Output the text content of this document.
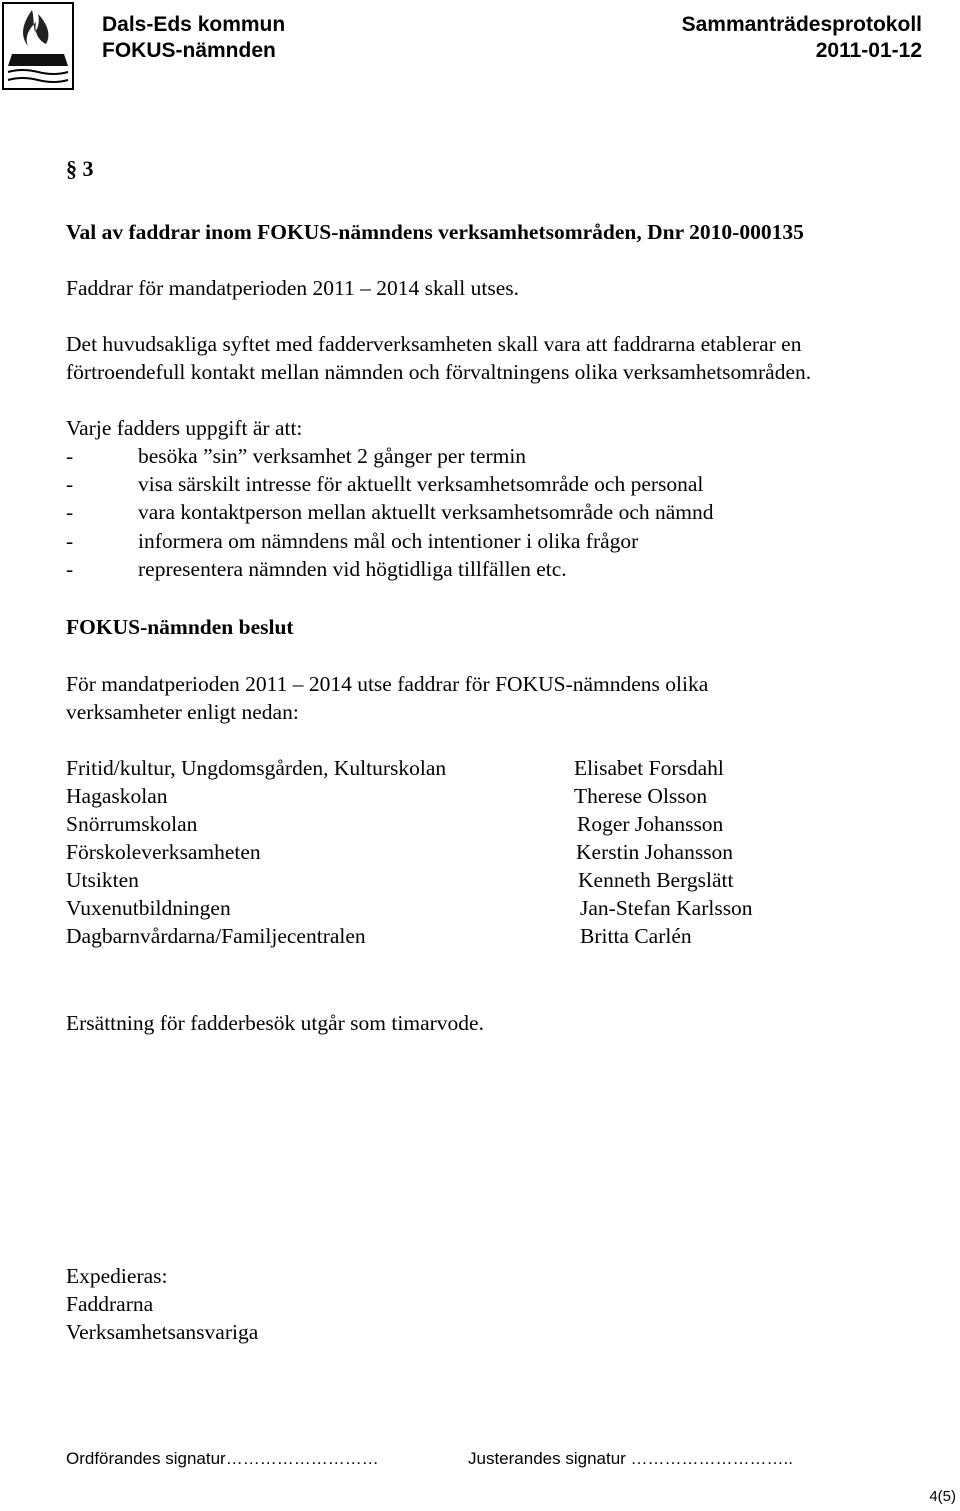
Dals-Eds kommun
FOKUS-nämnden
Sammanträdesprotokoll
2011-01-12
§ 3
Val av faddrar inom FOKUS-nämndens verksamhetsområden, Dnr 2010-000135
Faddrar för mandatperioden 2011 – 2014 skall utses.
Det huvudsakliga syftet med fadderverksamheten skall vara att faddrarna etablerar en
förtroendefull kontakt mellan nämnden och förvaltningens olika verksamhetsområden.
Varje fadders uppgift är att:
-	besöka ”sin” verksamhet 2 gånger per termin
-	visa särskilt intresse för aktuellt verksamhetsområde och personal
-	vara kontaktperson mellan aktuellt verksamhetsområde och nämnd
-	informera om nämndens mål och intentioner i olika frågor
-	representera nämnden vid högtidliga tillfällen etc.
FOKUS-nämnden beslut
För mandatperioden 2011 – 2014 utse faddrar för FOKUS-nämndens olika
verksamheter enligt nedan:
Fritid/kultur, Ungdomsgården, Kulturskolan	Elisabet Forsdahl
Hagaskolan	Therese Olsson
Snörrumskolan	Roger Johansson
Förskoleverksamheten	Kerstin Johansson
Utsikten	Kenneth Bergslätt
Vuxenutbildningen	Jan-Stefan Karlsson
Dagbarnvårdarna/Familjecentralen	Britta Carlén
Ersättning för fadderbesök utgår som timarvode.
Expedieras:
Faddrarna
Verksamhetsansvariga
Ordförandes signatur………………………	Justerandes signatur ………………………..
4(5)
